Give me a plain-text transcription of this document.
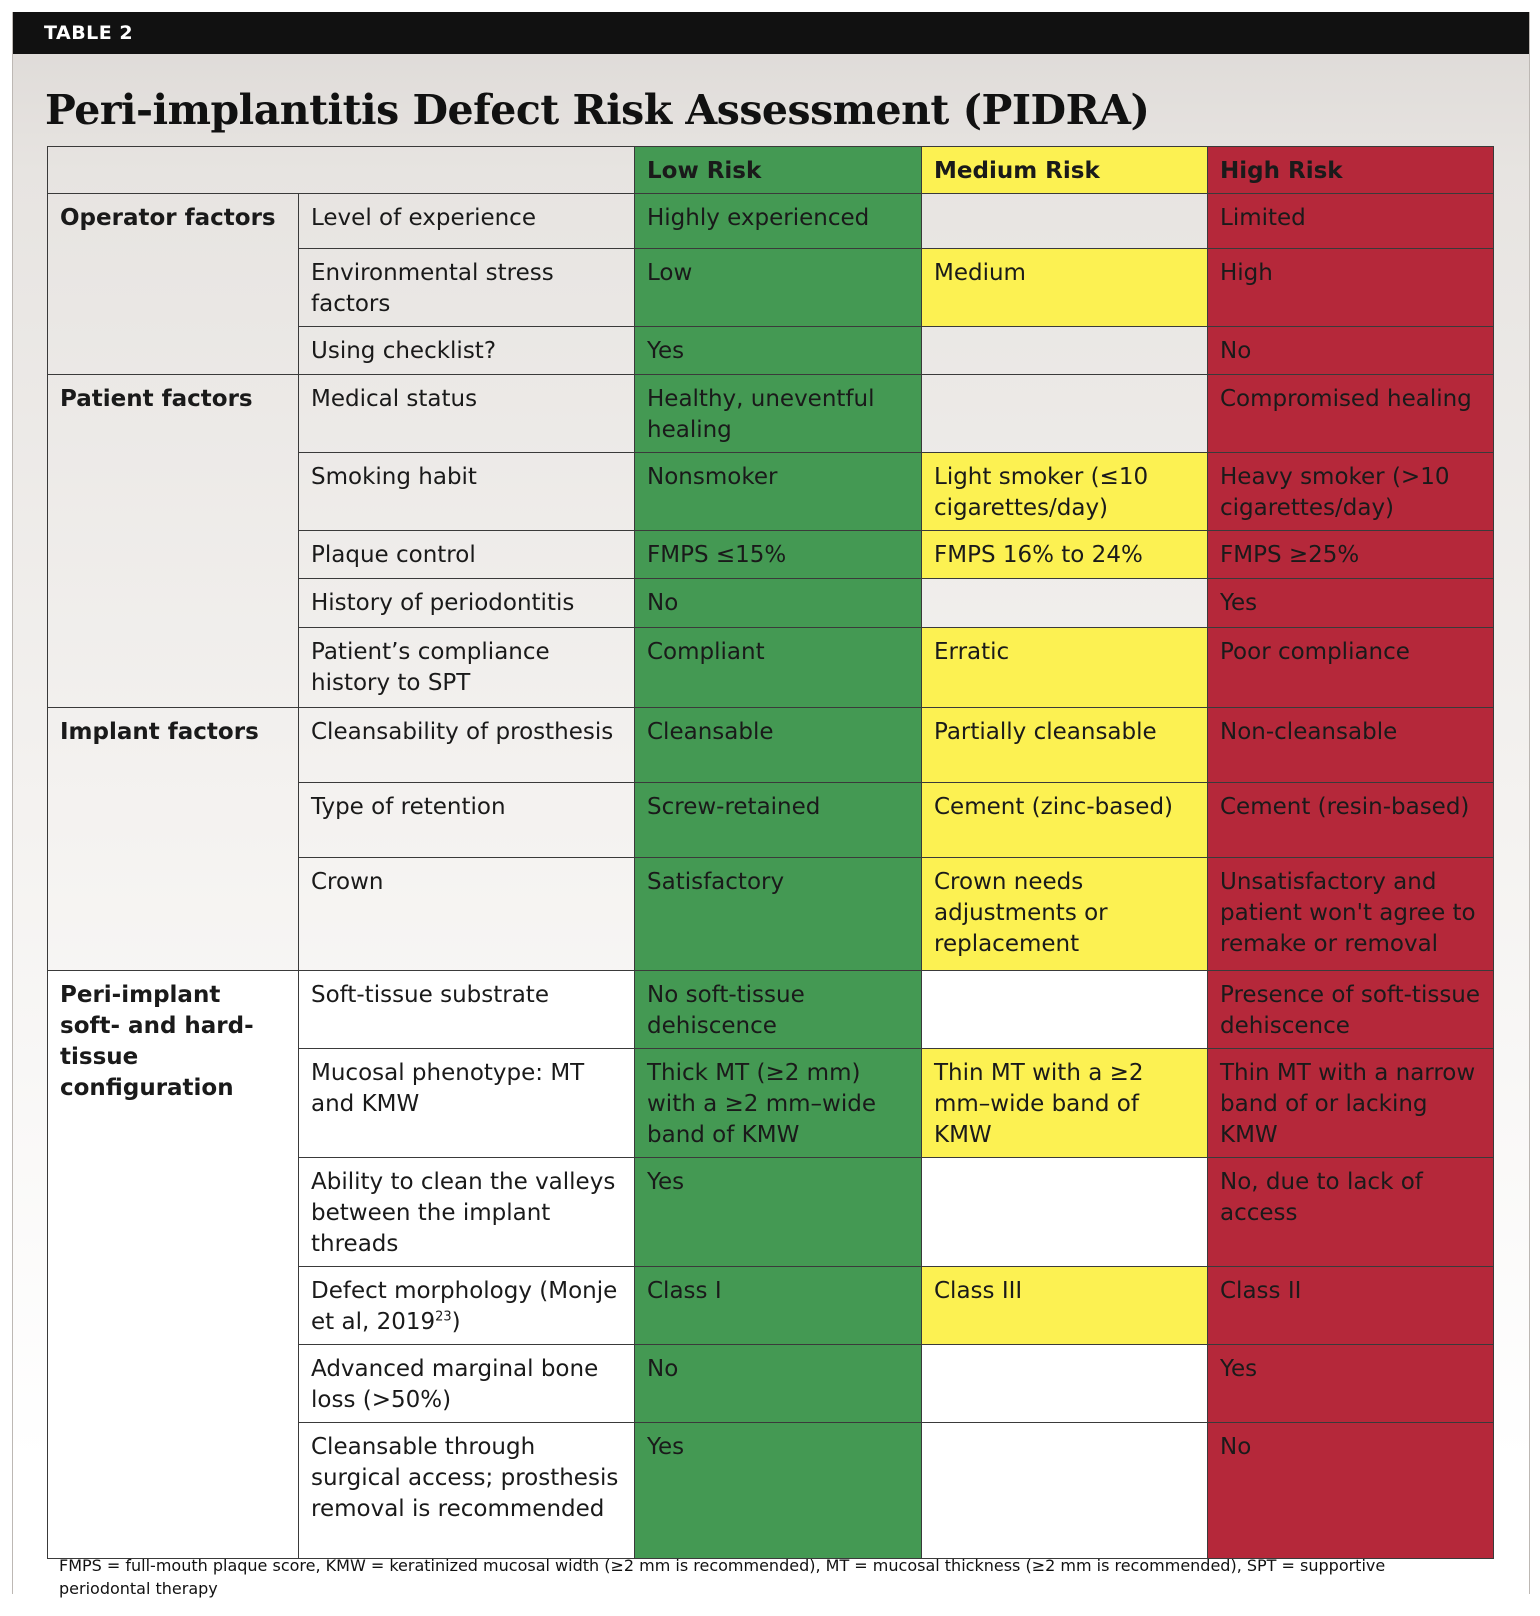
TABLE 2
Peri-implantitis Defect Risk Assessment (PIDRA)
		Low Risk	Medium Risk	High Risk
Operator factors	Level of experience	Highly experienced		Limited
	Environmental stress factors	Low	Medium	High
	Using checklist?	Yes		No
Patient factors	Medical status	Healthy, uneventful healing		Compromised healing
	Smoking habit	Nonsmoker	Light smoker (≤10 cigarettes/day)	Heavy smoker (>10 cigarettes/day)
	Plaque control	FMPS ≤15%	FMPS 16% to 24%	FMPS ≥25%
	History of periodontitis	No		Yes
	Patient’s compliance history to SPT	Compliant	Erratic	Poor compliance
Implant factors	Cleansability of prosthesis	Cleansable	Partially cleansable	Non-cleansable
	Type of retention	Screw-retained	Cement (zinc-based)	Cement (resin-based)
	Crown	Satisfactory	Crown needs adjustments or replacement	Unsatisfactory and patient won't agree to remake or removal
Peri-implant soft- and hard-tissue configuration	Soft-tissue substrate	No soft-tissue dehiscence		Presence of soft-tissue dehiscence
	Mucosal phenotype: MT and KMW	Thick MT (≥2 mm) with a ≥2 mm–wide band of KMW	Thin MT with a ≥2 mm–wide band of KMW	Thin MT with a narrow band of or lacking KMW
	Ability to clean the valleys between the implant threads	Yes		No, due to lack of access
	Defect morphology (Monje et al, 2019$^{23}$)	Class I	Class III	Class II
	Advanced marginal bone loss (>50%)	No		Yes
	Cleansable through surgical access; prosthesis removal is recommended	Yes		No
FMPS = full-mouth plaque score, KMW = keratinized mucosal width (≥2 mm is recommended), MT = mucosal thickness (≥2 mm is recommended), SPT = supportive periodontal therapy
